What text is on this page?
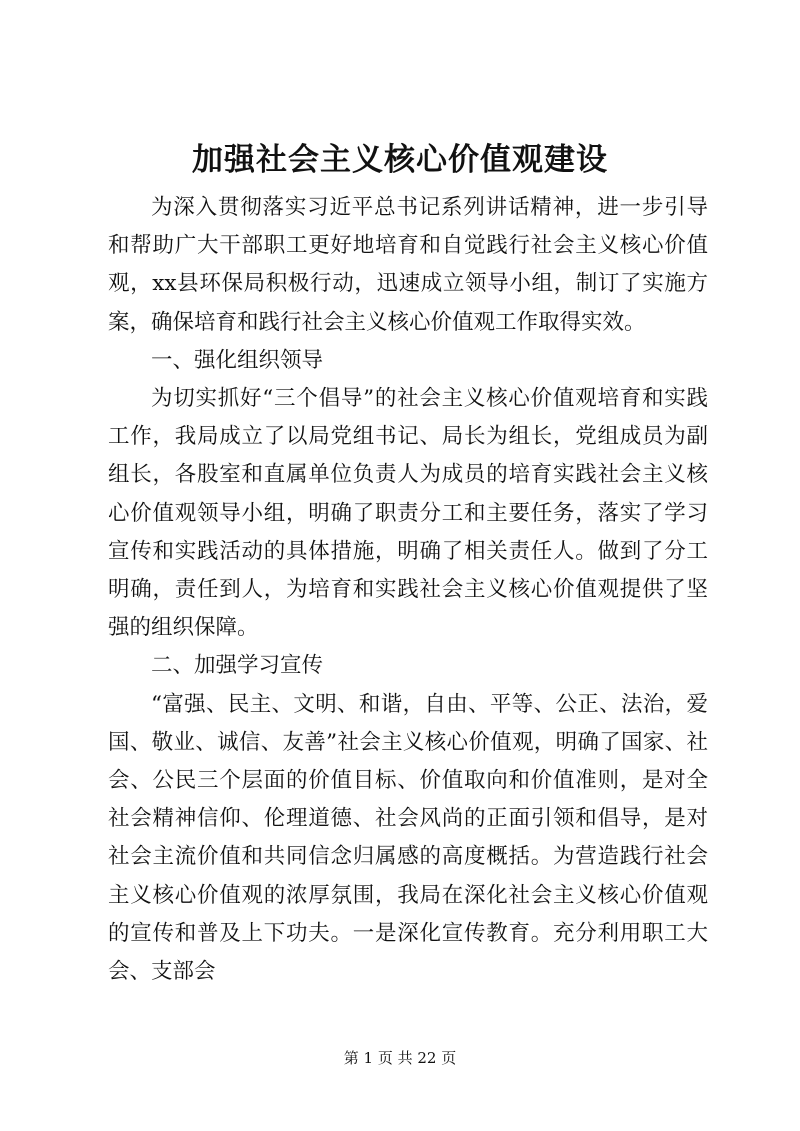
加强社会主义核心价值观建设

为深入贯彻落实习近平总书记系列讲话精神，进一步引导和帮助广大干部职工更好地培育和自觉践行社会主义核心价值观，xx县环保局积极行动，迅速成立领导小组，制订了实施方案，确保培育和践行社会主义核心价值观工作取得实效。

一、强化组织领导

为切实抓好“三个倡导”的社会主义核心价值观培育和实践工作，我局成立了以局党组书记、局长为组长，党组成员为副组长，各股室和直属单位负责人为成员的培育实践社会主义核心价值观领导小组，明确了职责分工和主要任务，落实了学习宣传和实践活动的具体措施，明确了相关责任人。做到了分工明确，责任到人，为培育和实践社会主义核心价值观提供了坚强的组织保障。

二、加强学习宣传

“富强、民主、文明、和谐，自由、平等、公正、法治，爱国、敬业、诚信、友善”社会主义核心价值观，明确了国家、社会、公民三个层面的价值目标、价值取向和价值准则，是对全社会精神信仰、伦理道德、社会风尚的正面引领和倡导，是对社会主流价值和共同信念归属感的高度概括。为营造践行社会主义核心价值观的浓厚氛围，我局在深化社会主义核心价值观的宣传和普及上下功夫。一是深化宣传教育。充分利用职工大会、支部会

第 1 页 共 22 页
